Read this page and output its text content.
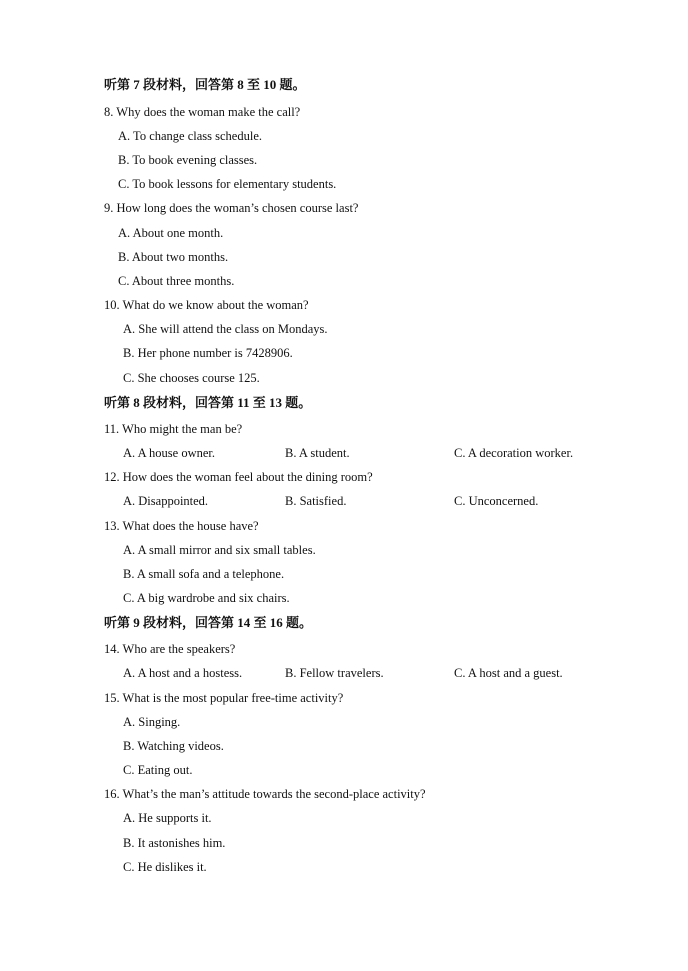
听第 7 段材料，回答第 8 至 10 题。
8. Why does the woman make the call?
A. To change class schedule.
B. To book evening classes.
C. To book lessons for elementary students.
9. How long does the woman’s chosen course last?
A. About one month.
B. About two months.
C. About three months.
10. What do we know about the woman?
A. She will attend the class on Mondays.
B. Her phone number is 7428906.
C. She chooses course 125.
听第 8 段材料，回答第 11 至 13 题。
11. Who might the man be?
A. A house owner.	B. A student.	C. A decoration worker.
12. How does the woman feel about the dining room?
A. Disappointed.	B. Satisfied.	C. Unconcerned.
13. What does the house have?
A. A small mirror and six small tables.
B. A small sofa and a telephone.
C. A big wardrobe and six chairs.
听第 9 段材料，回答第 14 至 16 题。
14. Who are the speakers?
A. A host and a hostess.	B. Fellow travelers.	C. A host and a guest.
15. What is the most popular free-time activity?
A. Singing.
B. Watching videos.
C. Eating out.
16. What’s the man’s attitude towards the second-place activity?
A. He supports it.
B. It astonishes him.
C. He dislikes it.
